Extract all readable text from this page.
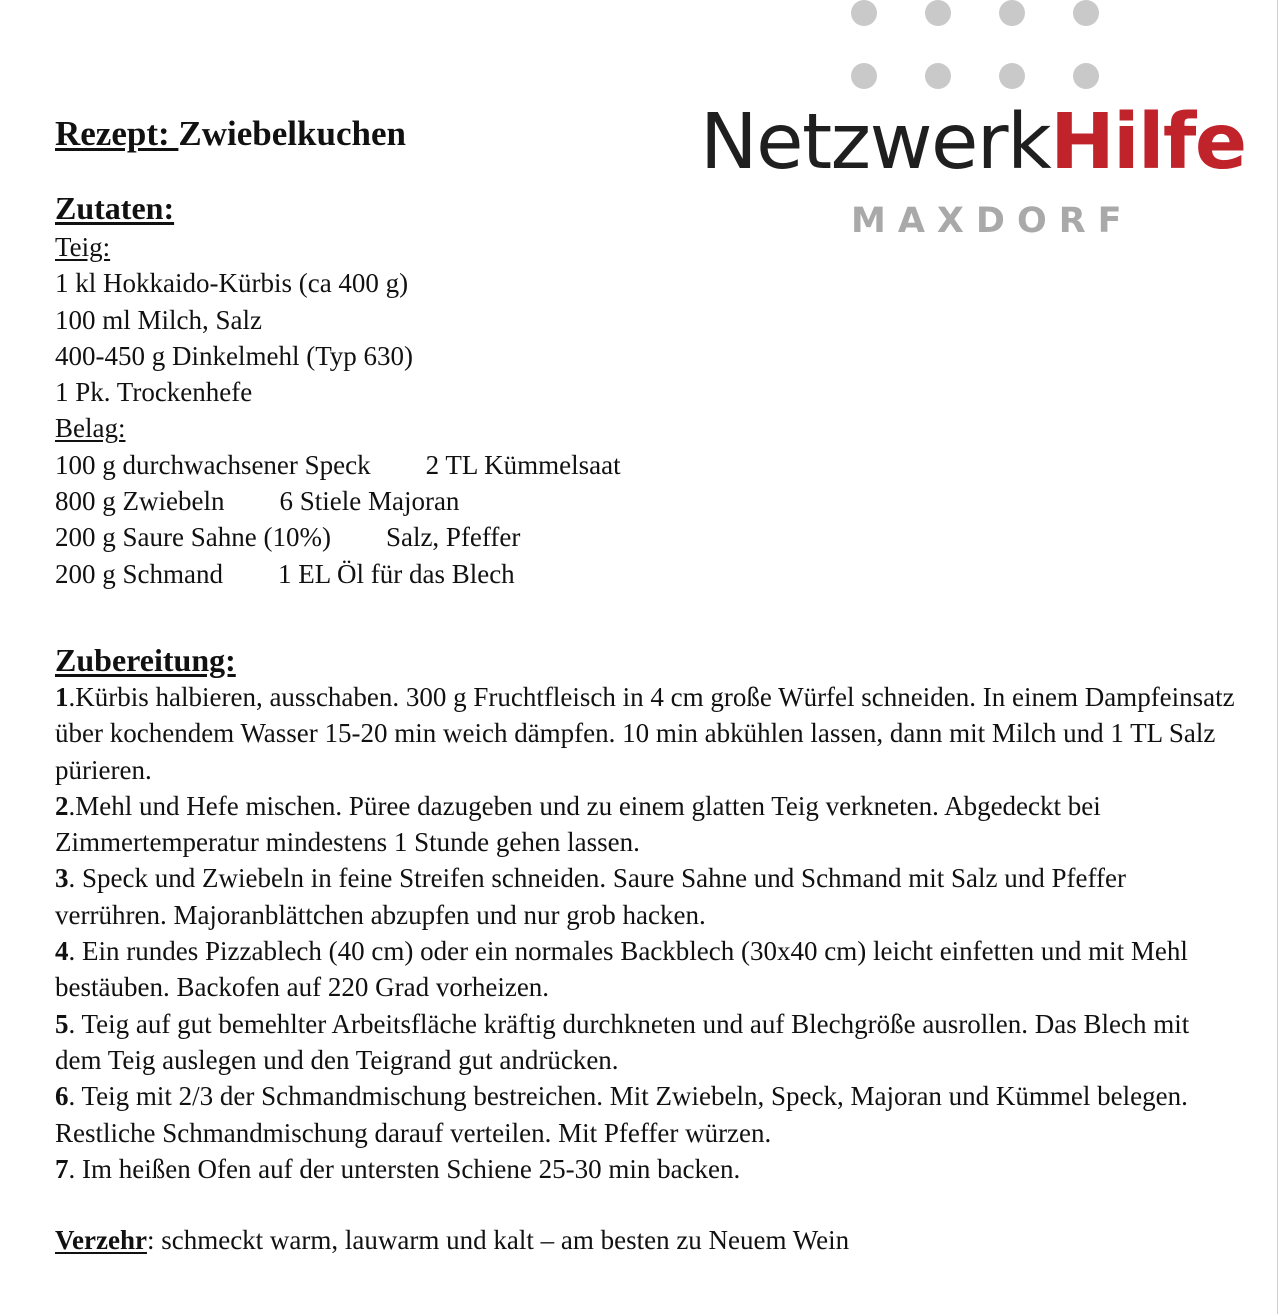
NetzwerkHilfe
MAXDORF
Rezept: Zwiebelkuchen
Zutaten:
Teig:
1 kl Hokkaido-Kürbis (ca 400 g)
100 ml Milch, Salz
400-450 g Dinkelmehl (Typ 630)
1 Pk. Trockenhefe
Belag:
100 g durchwachsener Speck 2 TL Kümmelsaat
800 g Zwiebeln 6 Stiele Majoran
200 g Saure Sahne (10%) Salz, Pfeffer
200 g Schmand 1 EL Öl für das Blech
Zubereitung:

1.Kürbis halbieren, ausschaben. 300 g Fruchtfleisch in 4 cm große Würfel schneiden. In einem Dampfeinsatz über kochendem Wasser 15-20 min weich dämpfen. 10 min abkühlen lassen, dann mit Milch und 1 TL Salz pürieren.

2.Mehl und Hefe mischen. Püree dazugeben und zu einem glatten Teig verkneten. Abgedeckt bei Zimmertemperatur mindestens 1 Stunde gehen lassen.

3. Speck und Zwiebeln in feine Streifen schneiden. Saure Sahne und Schmand mit Salz und Pfeffer verrühren. Majoranblättchen abzupfen und nur grob hacken.

4. Ein rundes Pizzablech (40 cm) oder ein normales Backblech (30x40 cm) leicht einfetten und mit Mehl bestäuben. Backofen auf 220 Grad vorheizen.

5. Teig auf gut bemehlter Arbeitsfläche kräftig durchkneten und auf Blechgröße ausrollen. Das Blech mit dem Teig auslegen und den Teigrand gut andrücken.

6. Teig mit 2/3 der Schmandmischung bestreichen. Mit Zwiebeln, Speck, Majoran und Kümmel belegen. Restliche Schmandmischung darauf verteilen. Mit Pfeffer würzen.

7. Im heißen Ofen auf der untersten Schiene 25-30 min backen.

Verzehr: schmeckt warm, lauwarm und kalt – am besten zu Neuem Wein
